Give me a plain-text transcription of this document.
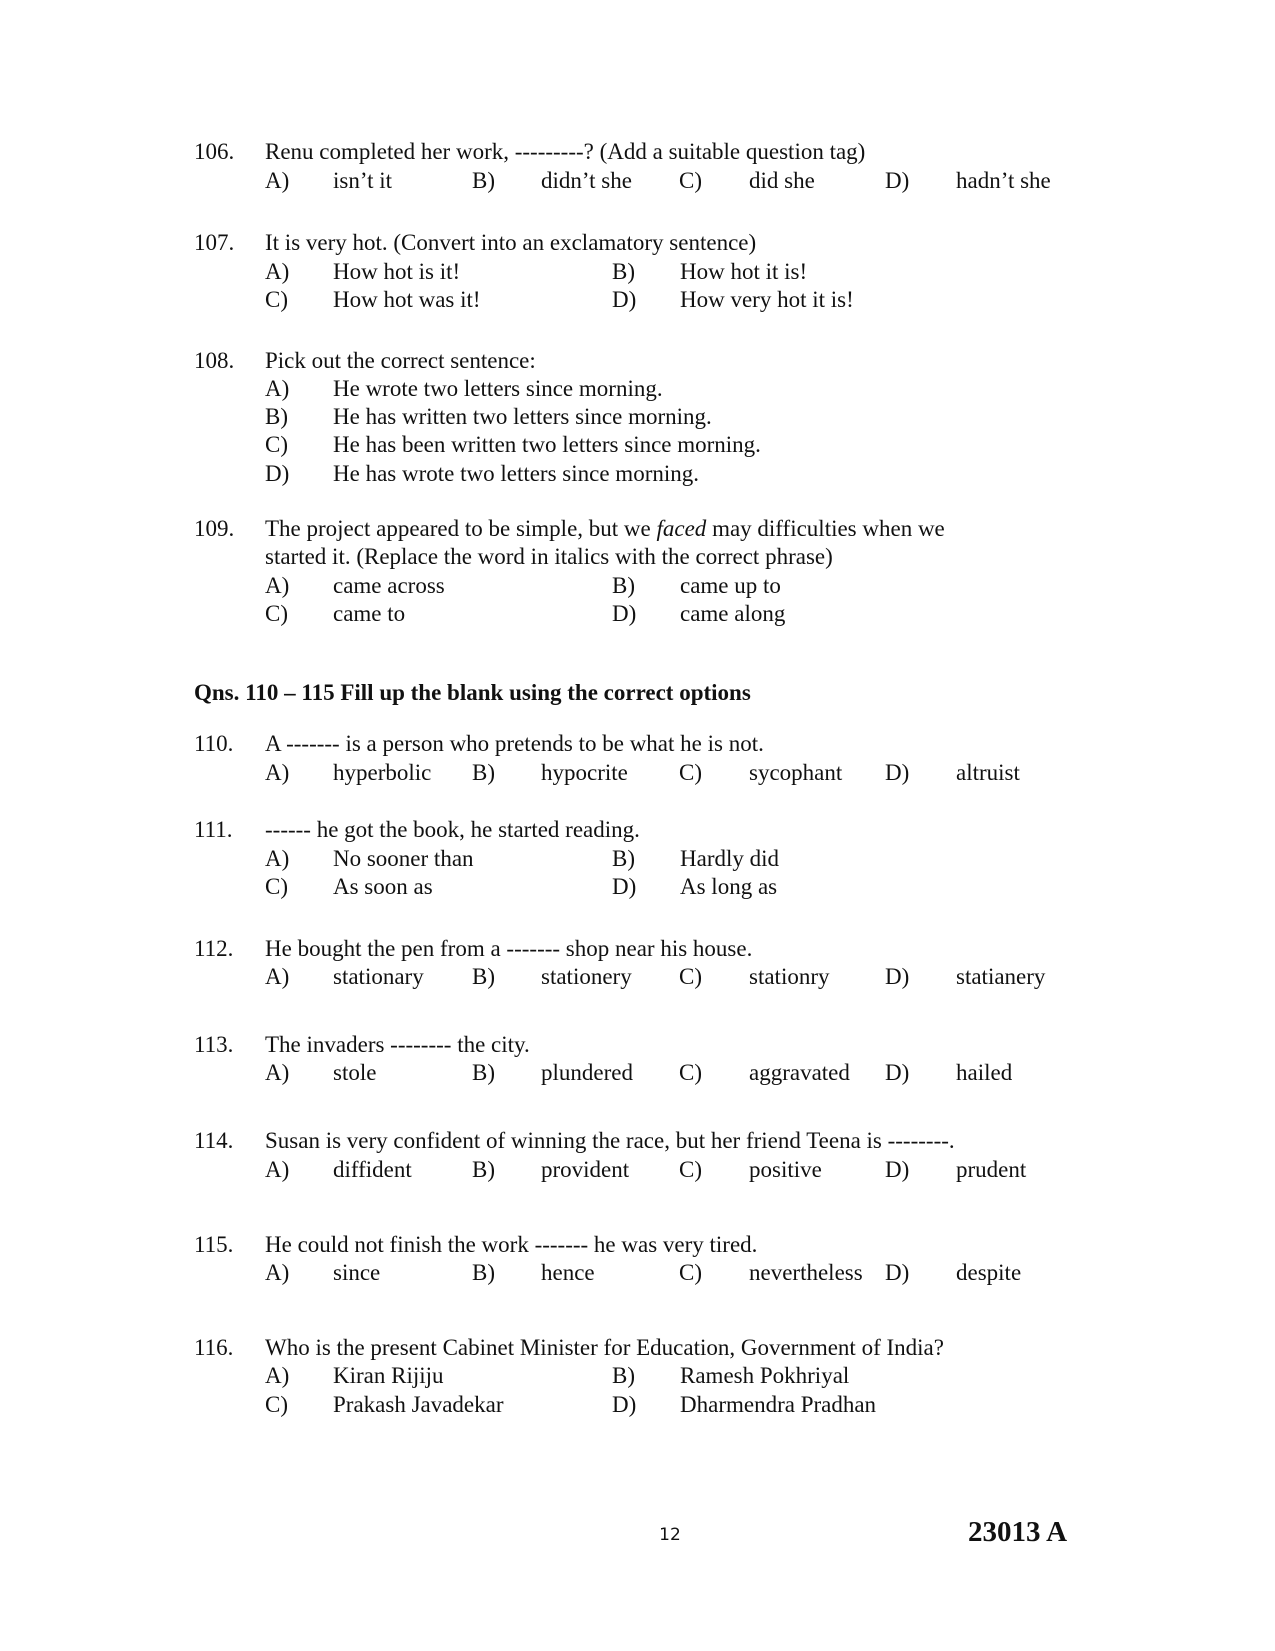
106. Renu completed her work, ---------? (Add a suitable question tag)
A) isn’t it	B) didn’t she C) did she	D) hadn’t she
107. It is very hot. (Convert into an exclamatory sentence)
A) How hot is it!	B) How hot it is!
C) How hot was it!	D) How very hot it is!
108. Pick out the correct sentence:
A) He wrote two letters since morning.
B) He has written two letters since morning.
C) He has been written two letters since morning.
D) He has wrote two letters since morning.
109. The project appeared to be simple, but we faced may difficulties when we
started it. (Replace the word in italics with the correct phrase)
A) came across	B) came up to
C) came to	D) came along
110. A ------- is a person who pretends to be what he is not.
A) hyperbolic B) hypocrite C) sycophant D) altruist
111. ------ he got the book, he started reading.
A) No sooner than	B) Hardly did
C) As soon as	D) As long as
112. He bought the pen from a ------- shop near his house.
A) stationary B) stationery C) stationry D) statianery
113. The invaders -------- the city.
A) stole	B) plundered C) aggravated D) hailed
114. Susan is very confident of winning the race, but her friend Teena is --------.
A) diffident	B) provident C) positive	D) prudent
115. He could not finish the work ------- he was very tired.
A) since	B) hence	C) nevertheless D) despite
116. Who is the present Cabinet Minister for Education, Government of India?
A) Kiran Rijiju	B) Ramesh Pokhriyal
C) Prakash Javadekar	D) Dharmendra Pradhan
Qns. 110 – 115 Fill up the blank using the correct options
12	23013 A
